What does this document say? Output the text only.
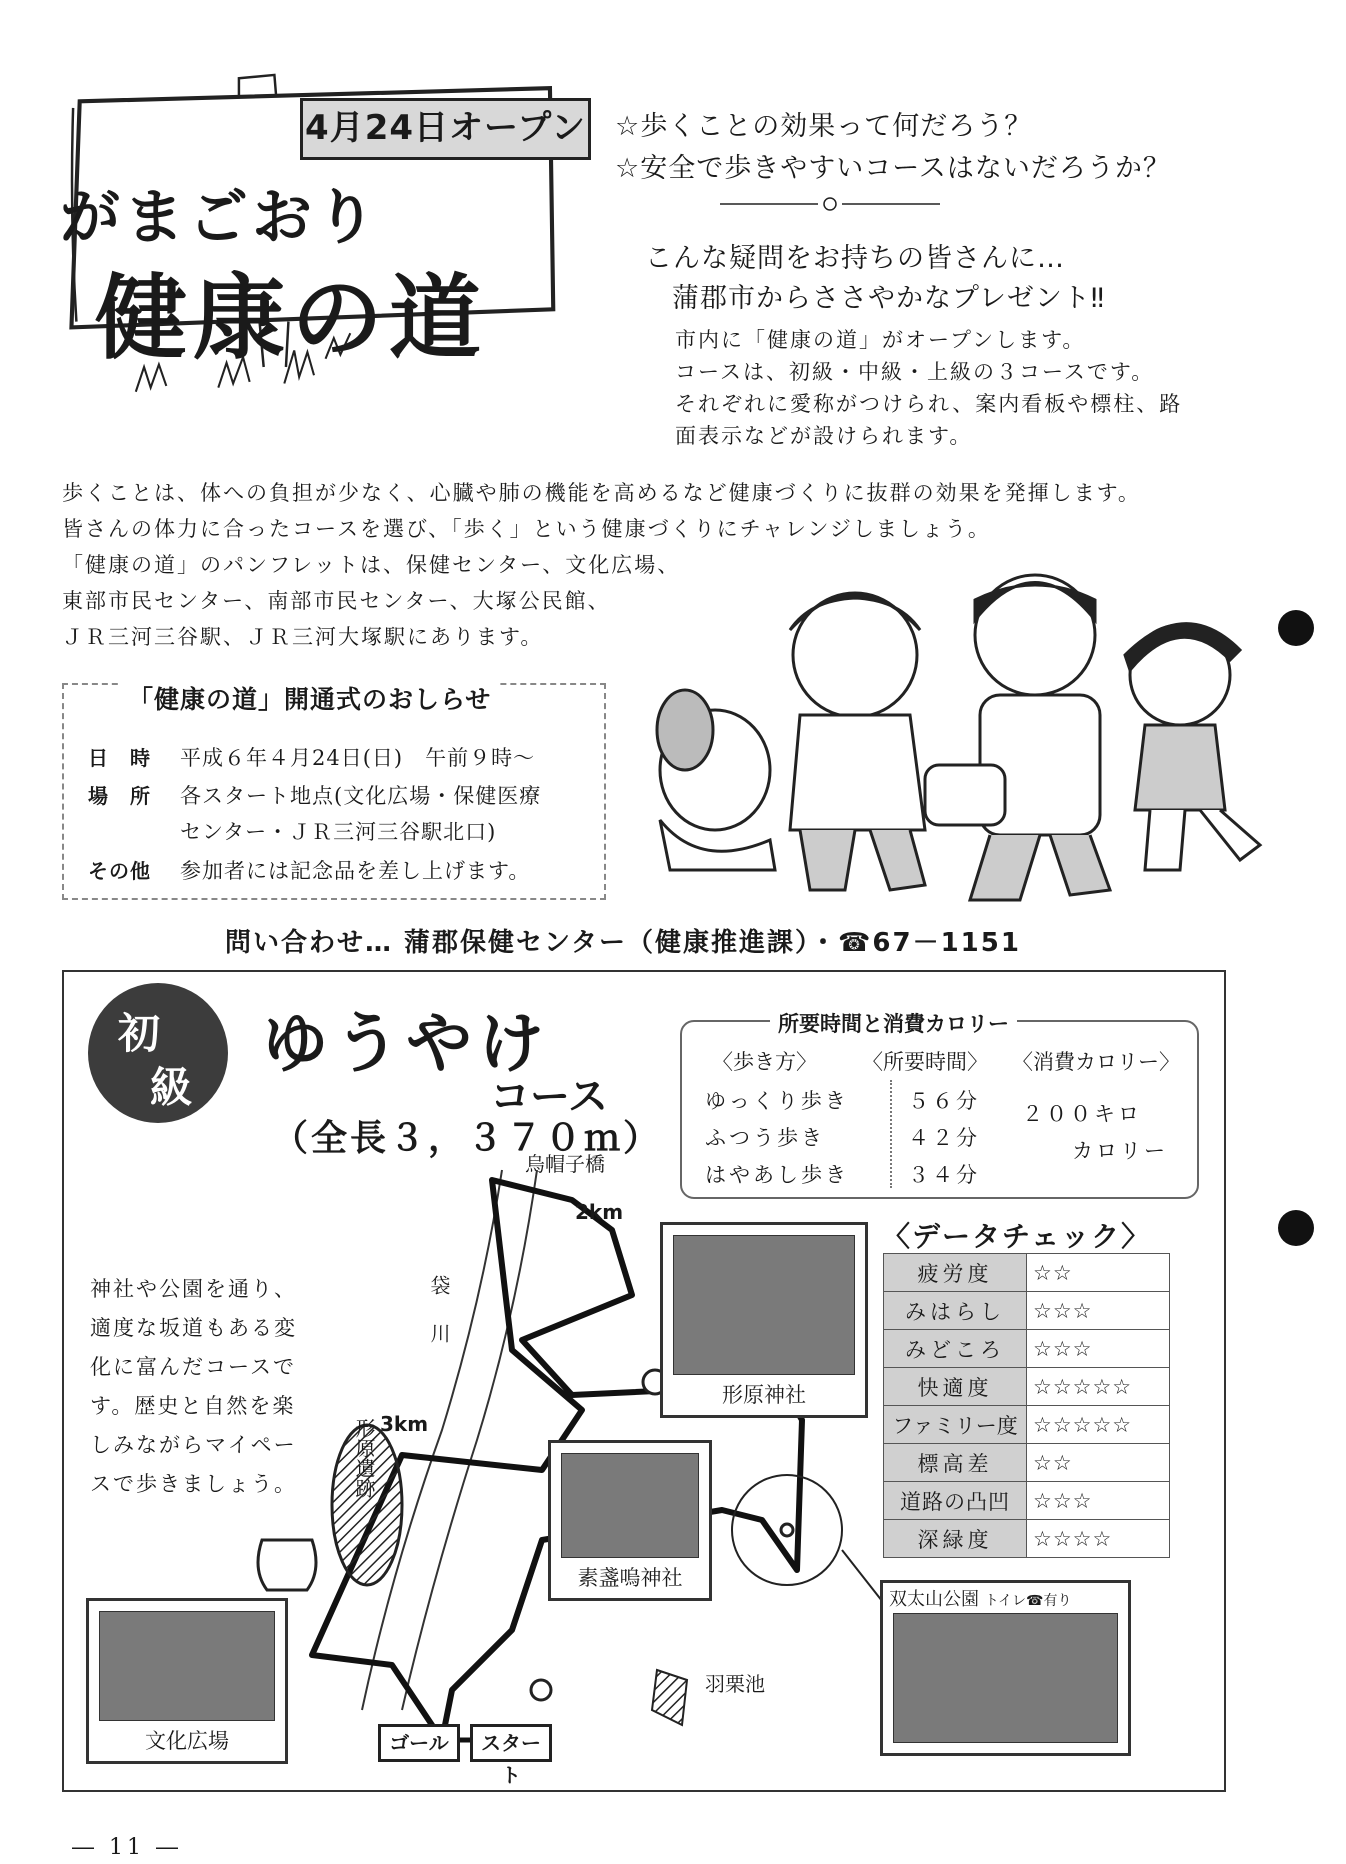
4月24日オープン
がまごおり
健康の道
☆歩くことの効果って何だろう？
☆安全で歩きやすいコースはないだろうか？
こんな疑問をお持ちの皆さんに…
蒲郡市からささやかなプレゼント‼
市内に「健康の道」がオープンします。
コースは、初級・中級・上級の３コースです。
それぞれに愛称がつけられ、案内看板や標柱、路
面表示などが設けられます。
歩くことは、体への負担が少なく、心臓や肺の機能を高めるなど健康づくりに抜群の効果を発揮します。
皆さんの体力に合ったコースを選び、「歩く」という健康づくりにチャレンジしましょう。
「健康の道」のパンフレットは、保健センター、文化広場、
東部市民センター、南部市民センター、大塚公民館、
ＪＲ三河三谷駅、ＪＲ三河大塚駅にあります。
「健康の道」開通式のおしらせ
日　時 平成６年４月24日(日)　午前９時～
場　所 各スタート地点(文化広場・保健医療
センター・ＪＲ三河三谷駅北口)
その他 参加者には記念品を差し上げます。
問い合わせ… 蒲郡保健センター（健康推進課）・☎67－1151
初
級
ゆうやけ
コース
（全長３，３７０ｍ）
所要時間と消費カロリー
〈歩き方〉 〈所要時間〉 〈消費カロリー〉
ゆっくり歩き	５６分
ふつう歩き	４２分
はやあし歩き	３４分
２００キロ
カロリー
神社や公園を通り、
適度な坂道もある変
化に富んだコースで
す。歴史と自然を楽
しみながらマイペー
スで歩きましょう。
〈データチェック〉
疲労度	☆☆
みはらし	☆☆☆
みどころ	☆☆☆
快適度	☆☆☆☆☆
ファミリー度	☆☆☆☆☆
標高差	☆☆
道路の凸凹	☆☆☆
深緑度	☆☆☆☆
形原神社
素盞嗚神社
文化広場
双太山公園 トイレ☎有り
烏帽子橋
2km
3km
袋川
形原遺跡
羽栗池
ゴール	スタート
― 11 ―
